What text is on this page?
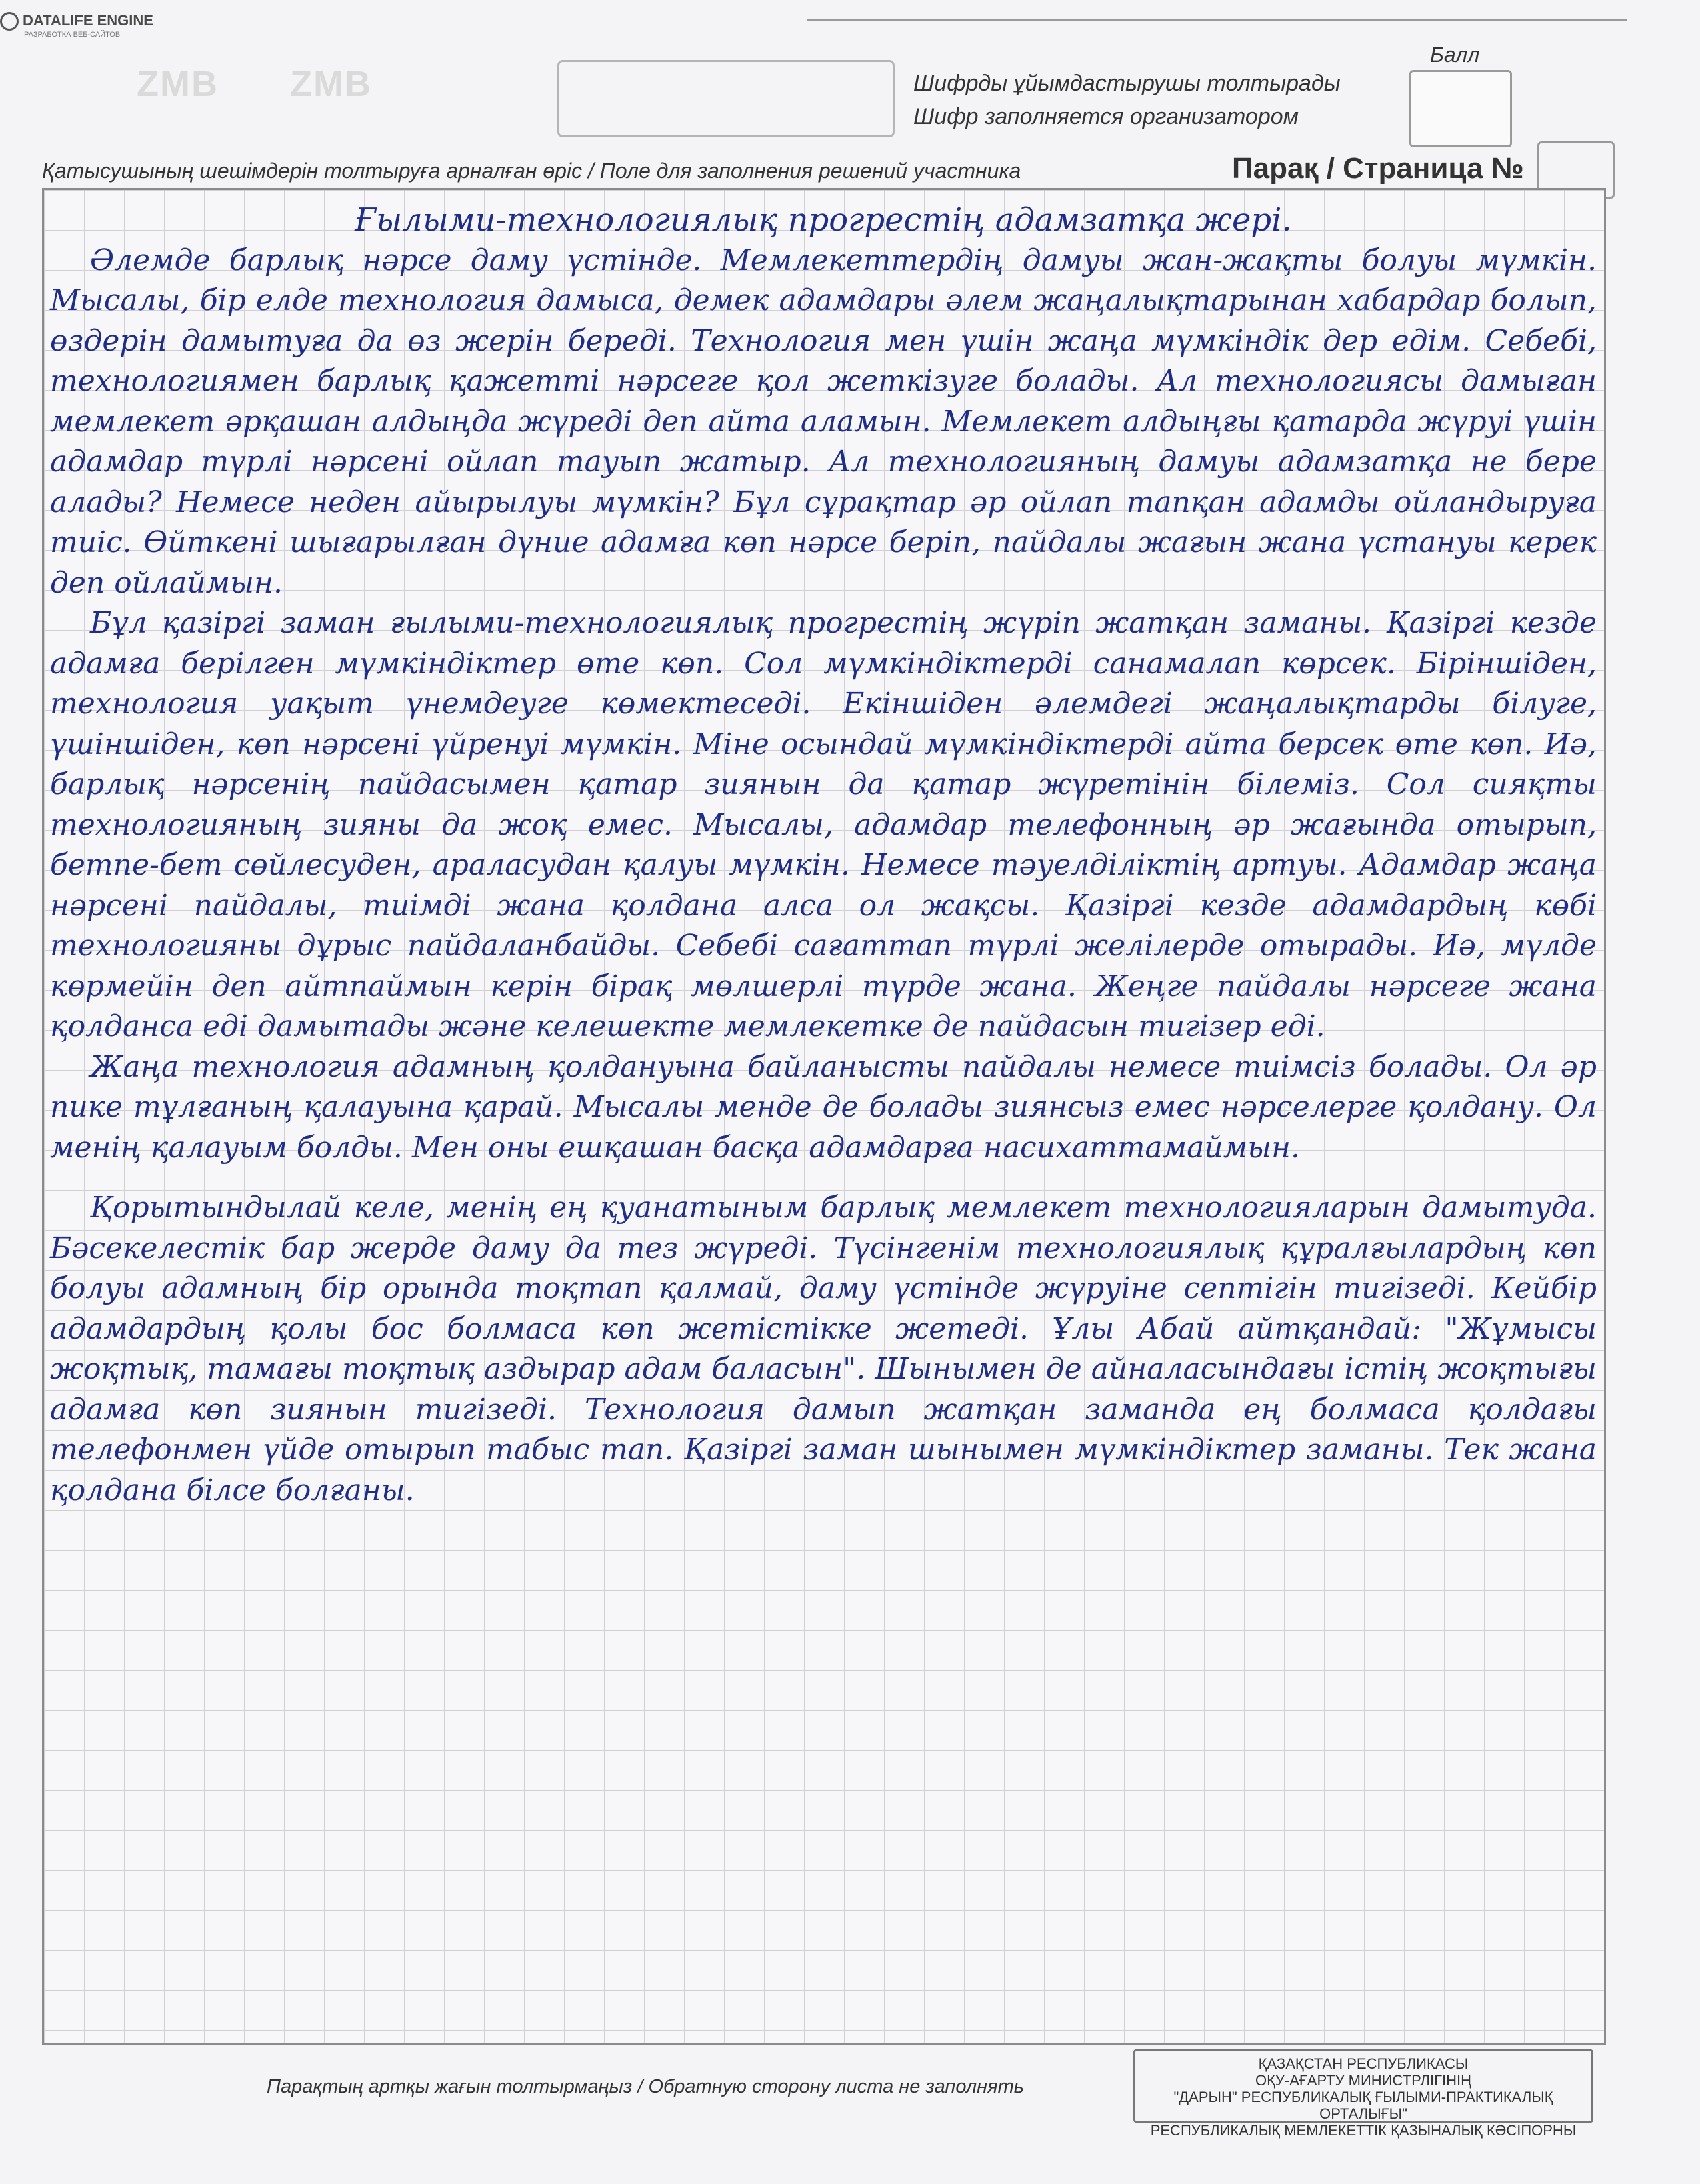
DATALIFE ENGINE
РАЗРАБОТКА ВЕБ-САЙТОВ
ZMB ZMB	Шифрды ұйымдастырушы толтырады
Шифр заполняется организатором
Балл
Қатысушының шешімдерін толтыруға арналған өріс / Поле для заполнения решений участника	Парақ / Страница №
Ғылыми-технологиялық прогрестің адамзатқа жері.

Әлемде барлық нәрсе даму үстінде. Мемлекеттердің дамуы жан-жақты болуы мүмкін. Мысалы, бір елде технология дамыса, демек адамдары әлем жаңалықтарынан хабардар болып, өздерін дамытуға да өз жерін береді. Технология мен үшін жаңа мүмкіндік дер едім. Себебі, технологиямен барлық қажетті нәрсеге қол жеткізуге болады. Ал технологиясы дамыған мемлекет әрқашан алдыңда жүреді деп айта аламын. Мемлекет алдыңғы қатарда жүруі үшін адамдар түрлі нәрсені ойлап тауып жатыр. Ал технологияның дамуы адамзатқа не бере алады? Немесе неден айырылуы мүмкін? Бұл сұрақтар әр ойлап тапқан адамды ойландыруға тиіс. Өйткені шығарылған дүние адамға көп нәрсе беріп, пайдалы жағын жана үстануы керек деп ойлаймын.

Бұл қазіргі заман ғылыми-технологиялық прогрестің жүріп жатқан заманы. Қазіргі кезде адамға берілген мүмкіндіктер өте көп. Сол мүмкіндіктерді санамалап көрсек. Біріншіден, технология уақыт үнемдеуге көмектеседі. Екіншіден әлемдегі жаңалықтарды білуге, үшіншіден, көп нәрсені үйренуі мүмкін. Міне осындай мүмкіндіктерді айта берсек өте көп. Иә, барлық нәрсенің пайдасымен қатар зиянын да қатар жүретінін білеміз. Сол сияқты технологияның зияны да жоқ емес. Мысалы, адамдар телефонның әр жағында отырып, бетпе-бет сөйлесуден, араласудан қалуы мүмкін. Немесе тәуелділіктің артуы. Адамдар жаңа нәрсені пайдалы, тиімді жана қолдана алса ол жақсы. Қазіргі кезде адамдардың көбі технологияны дұрыс пайдаланбайды. Себебі сағаттап түрлі желілерде отырады. Иә, мүлде көрмейін деп айтпаймын керін бірақ мөлшерлі түрде жана. Жеңге пайдалы нәрсеге жана қолданса еді дамытады және келешекте мемлекетке де пайдасын тигізер еді.

Жаңа технология адамның қолдануына байланысты пайдалы немесе тиімсіз болады. Ол әр пике тұлғаның қалауына қарай. Мысалы менде де болады зиянсыз емес нәрселерге қолдану. Ол менің қалауым болды. Мен оны ешқашан басқа адамдарға насихаттамаймын.

Қорытындылай келе, менің ең қуанатыным барлық мемлекет технологияларын дамытуда. Бәсекелестік бар жерде даму да тез жүреді. Түсінгенім технологиялық құралғылардың көп болуы адамның бір орында тоқтап қалмай, даму үстінде жүруіне септігін тигізеді. Кейбір адамдардың қолы бос болмаса көп жетістікке жетеді. Ұлы Абай айтқандай: "Жұмысы жоқтық, тамағы тоқтық аздырар адам баласын". Шынымен де айналасындағы істің жоқтығы адамға көп зиянын тигізеді. Технология дамып жатқан заманда ең болмаса қолдағы телефонмен үйде отырып табыс тап. Қазіргі заман шынымен мүмкіндіктер заманы. Тек жана қолдана білсе болғаны.

Парақтың артқы жағын толтырмаңыз / Обратную сторону листа не заполнять
ҚАЗАҚСТАН РЕСПУБЛИКАСЫ
ОҚУ-АҒАРТУ МИНИСТРЛІГІНІҢ
"ДАРЫН" РЕСПУБЛИКАЛЫҚ ҒЫЛЫМИ-ПРАКТИКАЛЫҚ ОРТАЛЫҒЫ"
РЕСПУБЛИКАЛЫҚ МЕМЛЕКЕТТІК ҚАЗЫНАЛЫҚ КӘСІПОРНЫ
